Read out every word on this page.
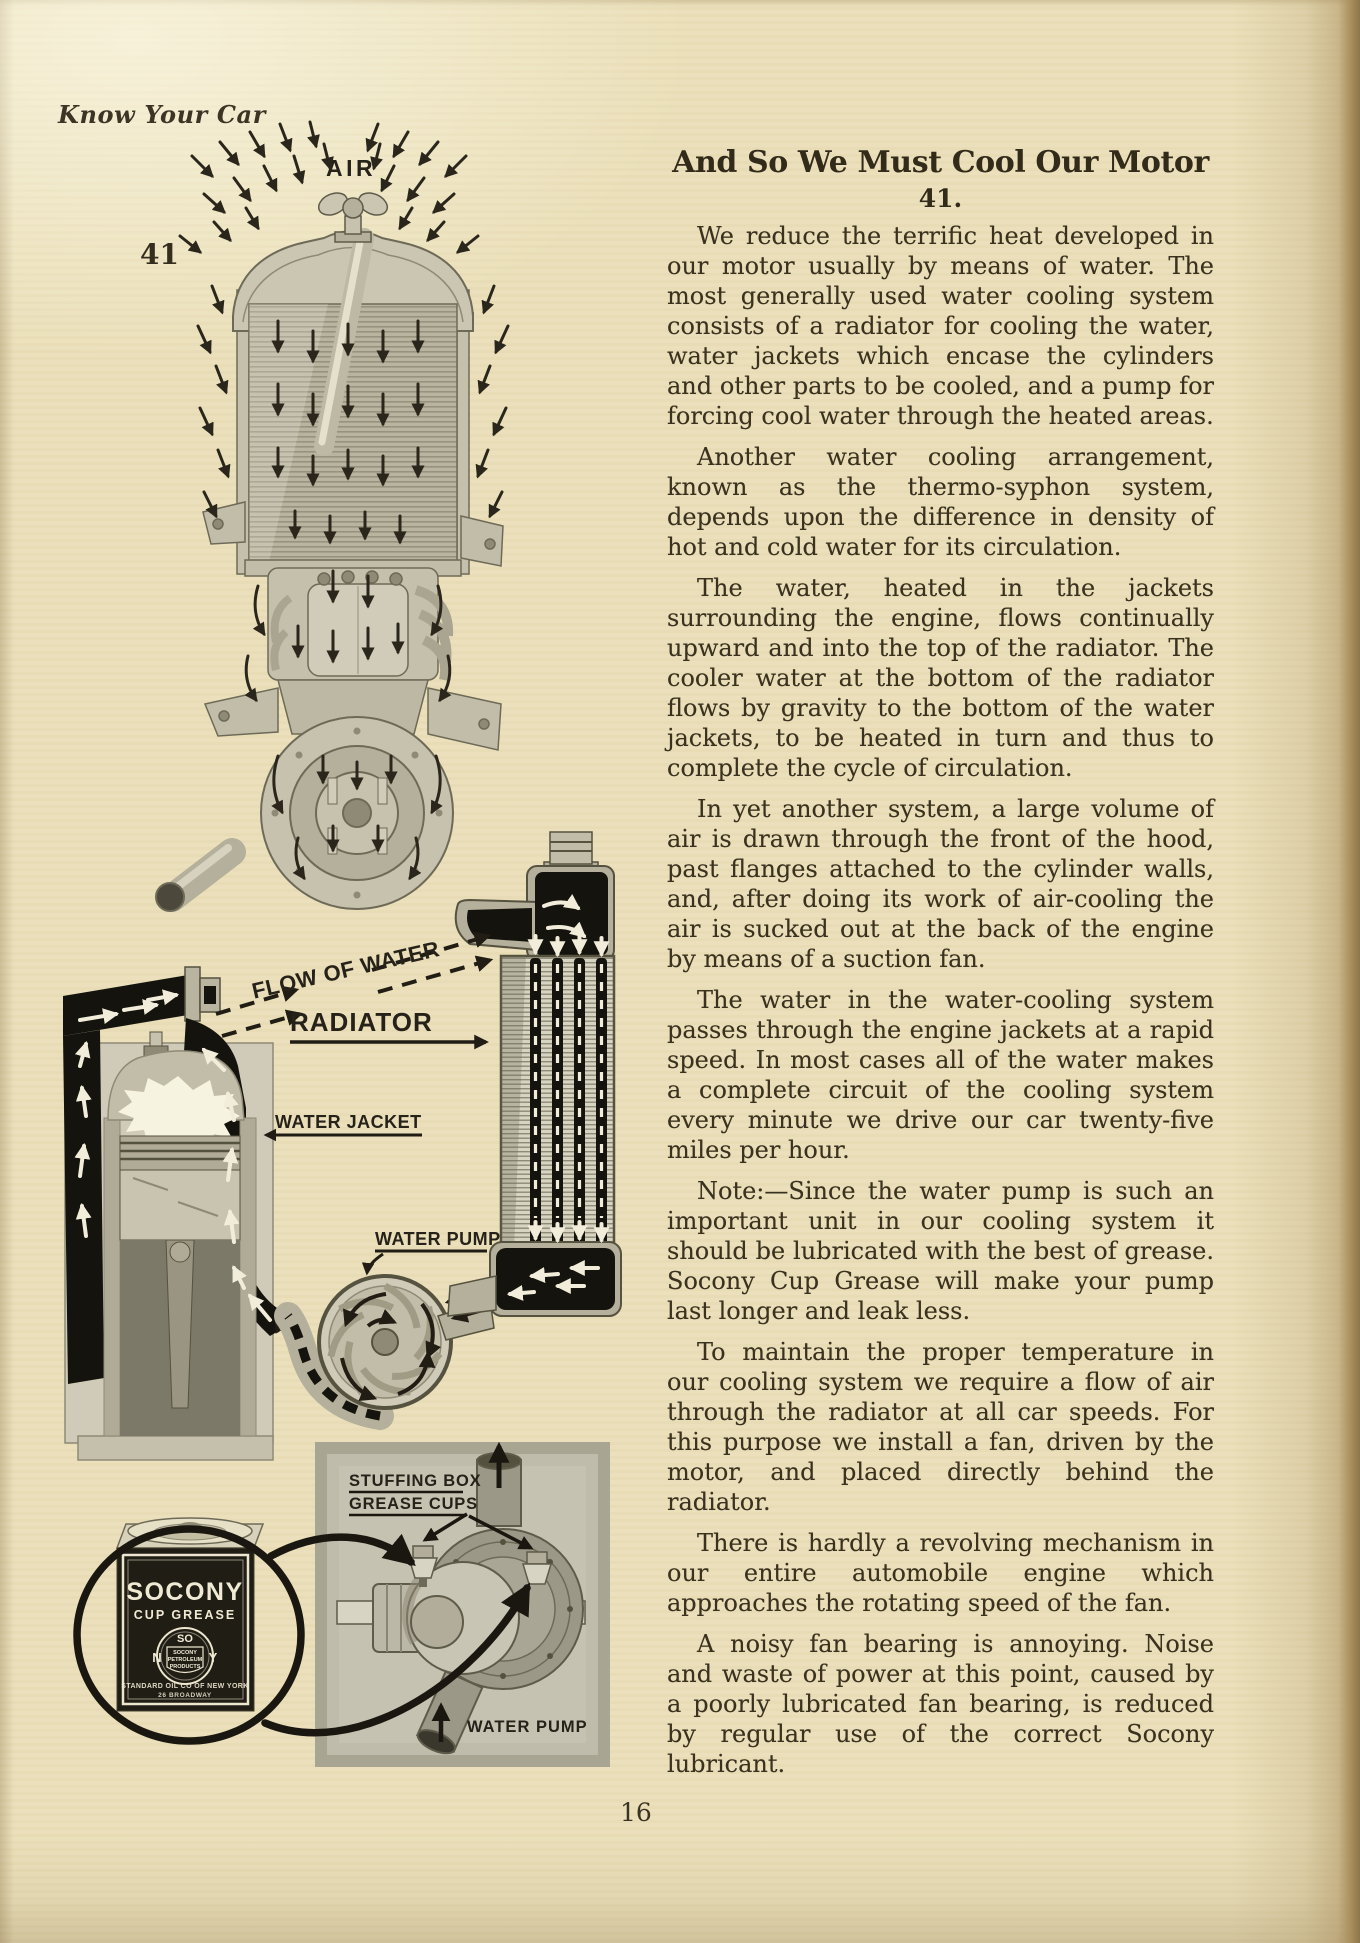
Know Your Car
41
AIR
FLOW OF WATER
RADIATOR
WATER JACKET
WATER PUMP
STUFFING BOX
GREASE CUPS
WATER PUMP
SOCONY
CUP GREASE
SO
N	Y
SOCONY
PETROLEUM
PRODUCTS
STANDARD OIL CO OF NEW YORK
26 BROADWAY
And So We Must Cool Our Motor
41.

We reduce the terrific heat developed in our motor usually by means of water. The most generally used water cooling system consists of a radiator for cooling the water, water jackets which encase the cylinders and other parts to be cooled, and a pump for forcing cool water through the heated areas.

Another water cooling arrangement, known as the thermo-syphon system, depends upon the difference in density of hot and cold water for its circulation.

The water, heated in the jackets surrounding the engine, flows continually upward and into the top of the radiator. The cooler water at the bottom of the radiator flows by gravity to the bottom of the water jackets, to be heated in turn and thus to complete the cycle of circulation.

In yet another system, a large volume of air is drawn through the front of the hood, past flanges attached to the cylinder walls, and, after doing its work of air-cooling the air is sucked out at the back of the engine by means of a suction fan.

The water in the water-cooling system passes through the engine jackets at a rapid speed. In most cases all of the water makes a complete circuit of the cooling system every minute we drive our car twenty-five miles per hour.

Note:—Since the water pump is such an important unit in our cooling system it should be lubricated with the best of grease. Socony Cup Grease will make your pump last longer and leak less.

To maintain the proper temperature in our cooling system we require a flow of air through the radiator at all car speeds. For this purpose we install a fan, driven by the motor, and placed directly behind the radiator.

There is hardly a revolving mechanism in our entire automobile engine which approaches the rotating speed of the fan.

A noisy fan bearing is annoying. Noise and waste of power at this point, caused by a poorly lubricated fan bearing, is reduced by regular use of the correct Socony lubricant.

16
